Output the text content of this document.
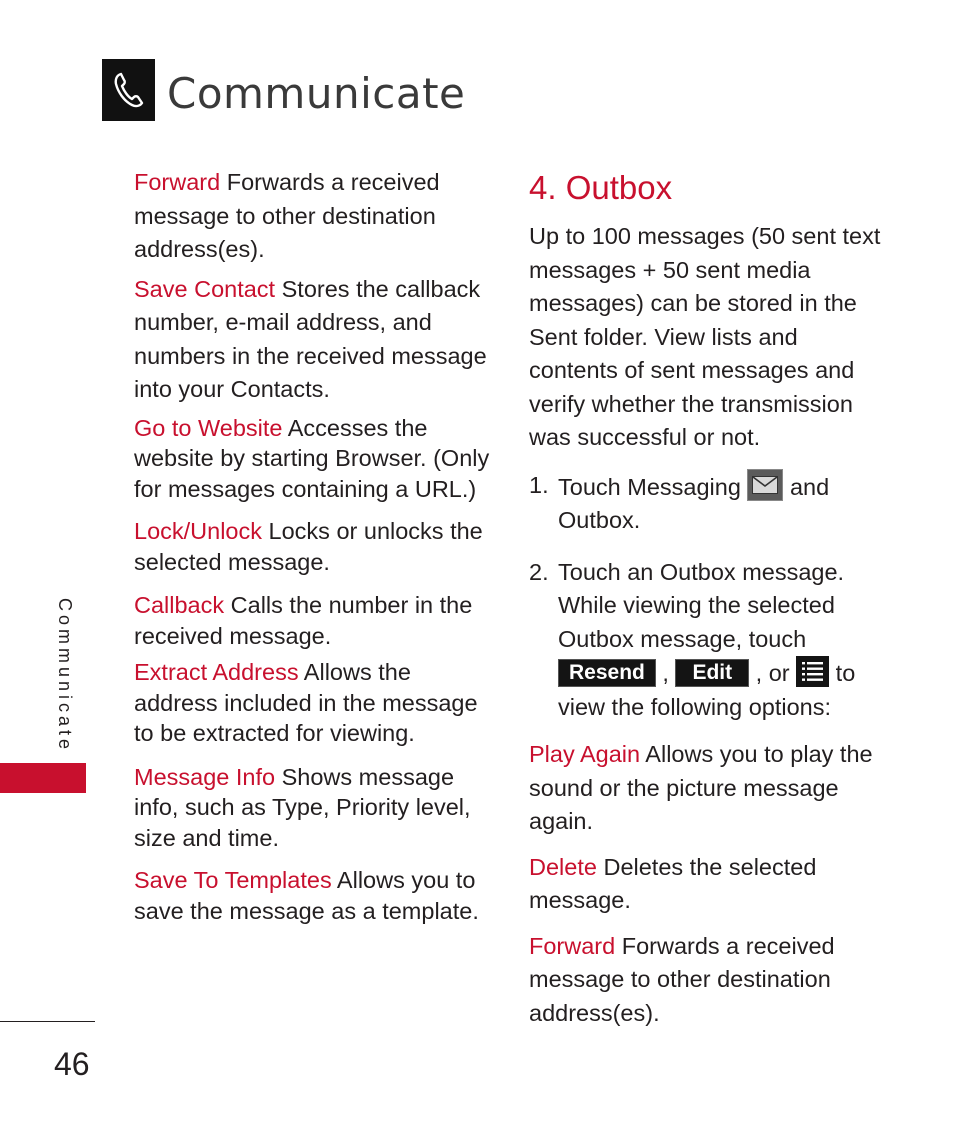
Communicate
Communicate
46

Forward Forwards a received message to other destination address(es).

Save Contact Stores the callback number, e-mail address, and numbers in the received message into your Contacts.

Go to Website Accesses the website by starting Browser. (Only for messages containing a URL.)

Lock/Unlock Locks or unlocks the selected message.

Callback Calls the number in the received message.

Extract Address Allows the address included in the message to be extracted for viewing.

Message Info Shows message info, such as Type, Priority level, size and time.

Save To Templates Allows you to save the message as a template.

4. Outbox

Up to 100 messages (50 sent text messages + 50 sent media messages) can be stored in the Sent folder. View lists and contents of sent messages and verify whether the transmission was successful or not.

1. Touch Messaging
and Outbox.
2. Touch an Outbox message. While viewing the selected Outbox message, touch
Resend , Edit , or
to view the following options:

Play Again Allows you to play the sound or the picture message again.

Delete Deletes the selected message.

Forward Forwards a received message to other destination address(es).
